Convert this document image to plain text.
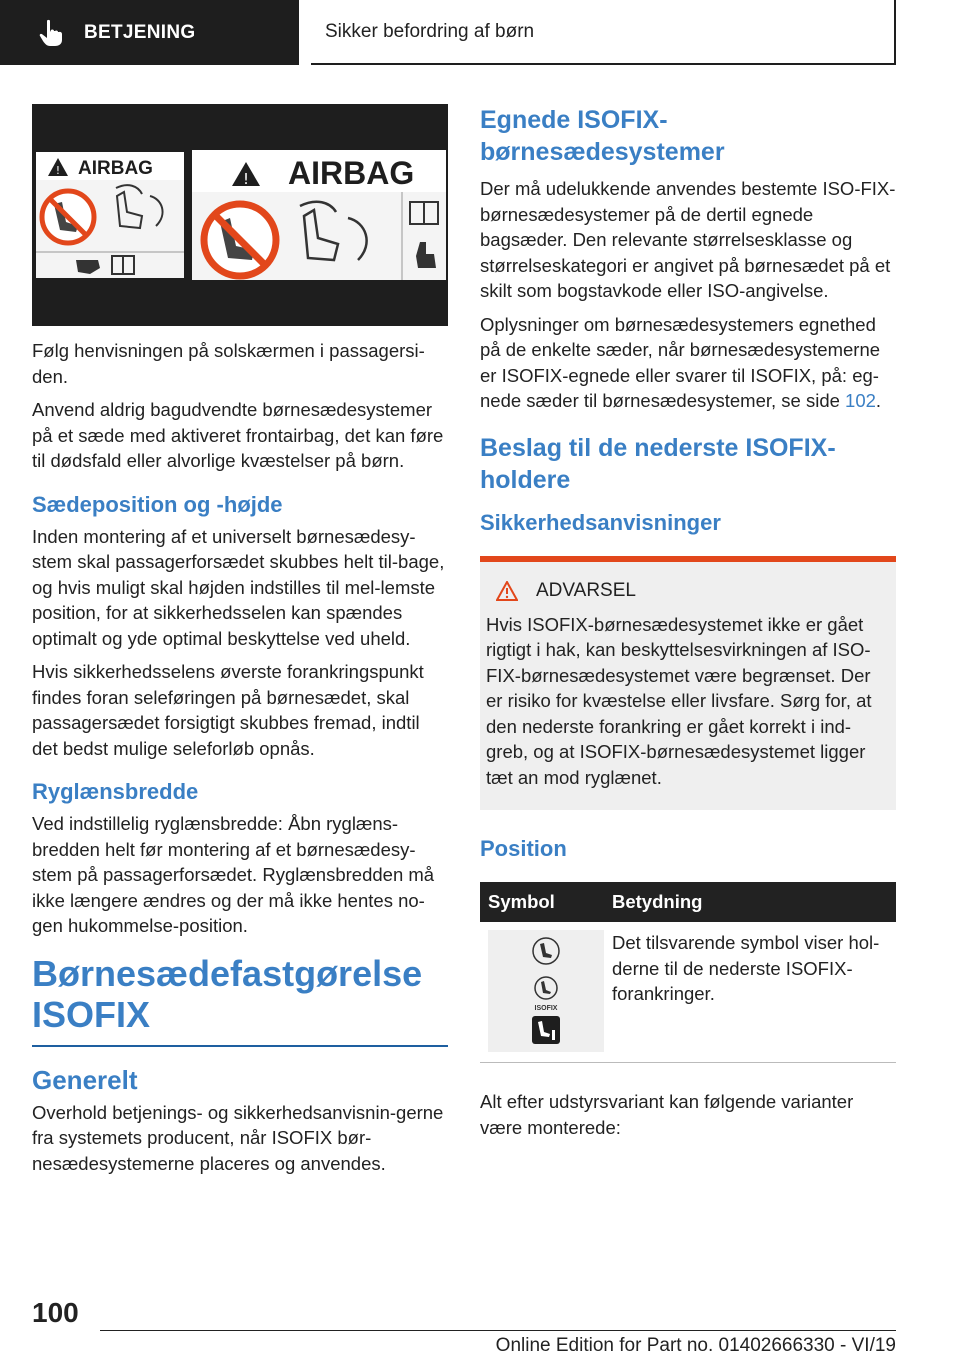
BETJENING	Sikker befordring af børn
! AIRBAG	! AIRBAG

Følg henvisningen på solskærmen i passagersi-den.

Anvend aldrig bagudvendte børnesædesystemer på et sæde med aktiveret frontairbag, det kan føre til dødsfald eller alvorlige kvæstelser på børn.

Sædeposition og -højde

Inden montering af et universelt børnesædesy-stem skal passagerforsædet skubbes helt til-bage, og hvis muligt skal højden indstilles til mel-lemste position, for at sikkerhedsselen kan spændes optimalt og yde optimal beskyttelse ved uheld.

Hvis sikkerhedsselens øverste forankringspunkt findes foran seleføringen på børnesædet, skal passagersædet forsigtigt skubbes fremad, indtil det bedst mulige seleforløb opnås.

Ryglænsbredde

Ved indstillelig ryglænsbredde: Åbn ryglæns-bredden helt før montering af et børnesædesy-stem på passagerforsædet. Ryglænsbredden må ikke længere ændres og der må ikke hentes no-gen hukommelse-position.

Børnesædefastgørelse ISOFIX
Generelt

Overhold betjenings- og sikkerhedsanvisnin-gerne fra systemets producent, når ISOFIX bør-nesædesystemerne placeres og anvendes.

Egnede ISOFIX-børnesædesystemer

Der må udelukkende anvendes bestemte ISO-FIX-børnesædesystemer på de dertil egnede bagsæder. Den relevante størrelsesklasse og størrelseskategori er angivet på børnesædet på et skilt som bogstavkode eller ISO-angivelse.

Oplysninger om børnesædesystemers egnethed på de enkelte sæder, når børnesædesystemerne er ISOFIX-egnede eller svarer til ISOFIX, på: eg-nede sæder til børnesædesystemer, se side 102.

Beslag til de nederste ISOFIX-holdere
Sikkerhedsanvisninger
ADVARSEL

Hvis ISOFIX-børnesædesystemet ikke er gået rigtigt i hak, kan beskyttelsesvirkningen af ISO-FIX-børnesædesystemet være begrænset. Der er risiko for kvæstelse eller livsfare. Sørg for, at den nederste forankring er gået korrekt i ind-greb, og at ISOFIX-børnesædesystemet ligger tæt an mod ryglænet.

Position
Symbol	Betydning

ISOFIX	Det tilsvarende symbol viser hol-derne til de nederste ISOFIX-forankringer.

Alt efter udstyrsvariant kan følgende varianter være monterede:

100
Online Edition for Part no. 01402666330 - VI/19
